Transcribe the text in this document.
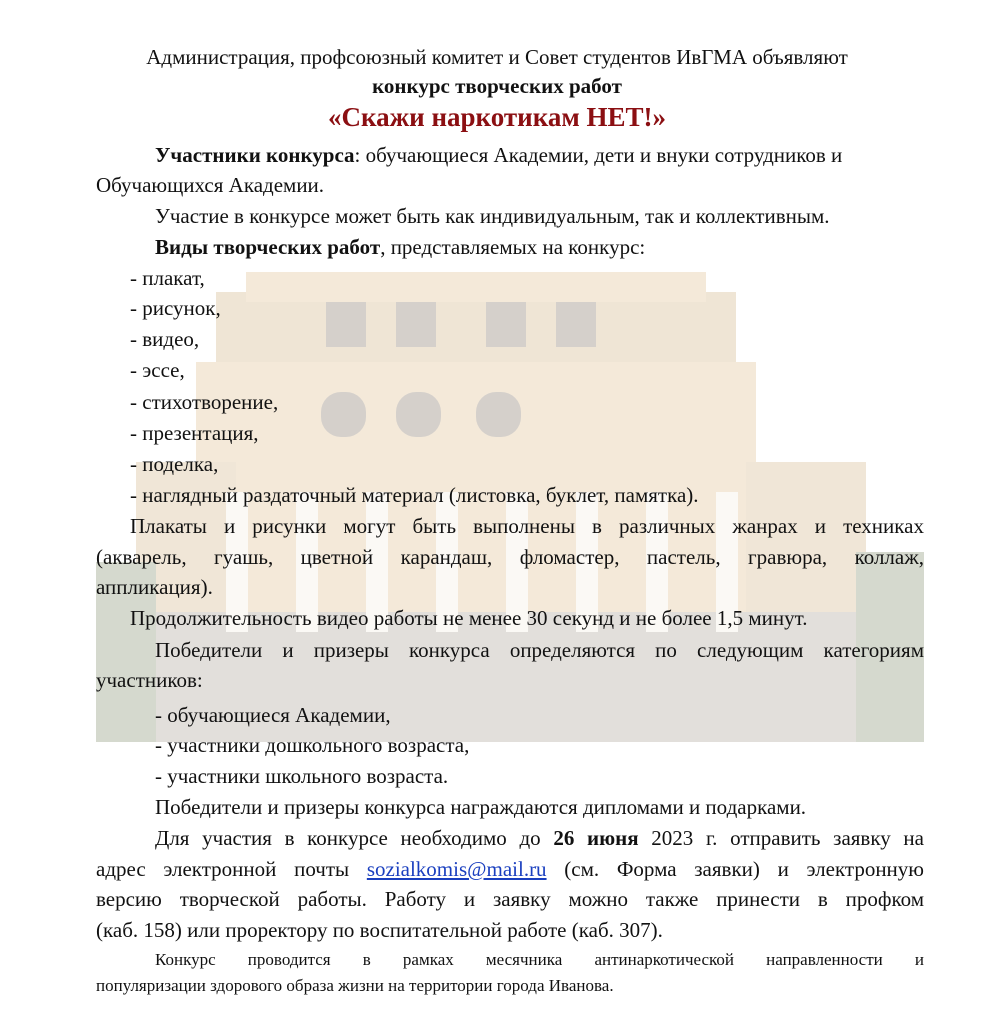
Администрация, профсоюзный комитет и Совет студентов ИвГМА объявляют
конкурс творческих работ
«Скажи наркотикам НЕТ!»
Участники конкурса: обучающиеся Академии, дети и внуки сотрудников и
Обучающихся Академии.
Участие в конкурсе может быть как индивидуальным, так и коллективным.
Виды творческих работ, представляемых на конкурс:
- плакат,
- рисунок,
- видео,
- эссе,
- стихотворение,
- презентация,
- поделка,
- наглядный раздаточный материал (листовка, буклет, памятка).
Плакаты и рисунки могут быть выполнены в различных жанрах и техниках
(акварель, гуашь, цветной карандаш, фломастер, пастель, гравюра, коллаж,
аппликация).
Продолжительность видео работы не менее 30 секунд и не более 1,5 минут.
Победители и призеры конкурса определяются по следующим категориям
участников:
- обучающиеся Академии,
- участники дошкольного возраста,
- участники школьного возраста.
Победители и призеры конкурса награждаются дипломами и подарками.
Для участия в конкурсе необходимо до 26 июня 2023 г. отправить заявку на
адрес электронной почты sozialkomis@mail.ru (см. Форма заявки) и электронную
версию творческой работы. Работу и заявку можно также принести в профком
(каб. 158) или проректору по воспитательной работе (каб. 307).
Конкурс проводится в рамках месячника антинаркотической направленности и
популяризации здорового образа жизни на территории города Иванова.
